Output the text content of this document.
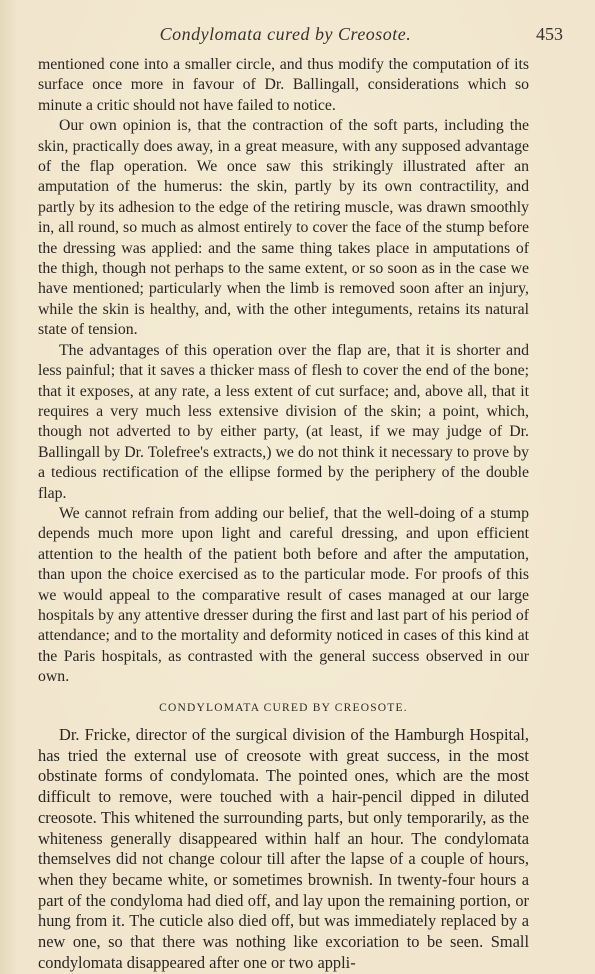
Condylomata cured by Creosote.	453

mentioned cone into a smaller circle, and thus modify the computation of its surface once more in favour of Dr. Ballingall, considerations which so minute a critic should not have failed to notice.

Our own opinion is, that the contraction of the soft parts, including the skin, practically does away, in a great measure, with any supposed advantage of the flap operation. We once saw this strikingly illustrated after an amputation of the humerus: the skin, partly by its own contractility, and partly by its adhesion to the edge of the retiring muscle, was drawn smoothly in, all round, so much as almost entirely to cover the face of the stump before the dressing was applied: and the same thing takes place in amputations of the thigh, though not perhaps to the same extent, or so soon as in the case we have mentioned; particularly when the limb is removed soon after an injury, while the skin is healthy, and, with the other integuments, retains its natural state of tension.

The advantages of this operation over the flap are, that it is shorter and less painful; that it saves a thicker mass of flesh to cover the end of the bone; that it exposes, at any rate, a less extent of cut surface; and, above all, that it requires a very much less extensive division of the skin; a point, which, though not adverted to by either party, (at least, if we may judge of Dr. Ballingall by Dr. Tolefree's extracts,) we do not think it necessary to prove by a tedious rectification of the ellipse formed by the periphery of the double flap.

We cannot refrain from adding our belief, that the well-doing of a stump depends much more upon light and careful dressing, and upon efficient attention to the health of the patient both before and after the amputation, than upon the choice exercised as to the particular mode. For proofs of this we would appeal to the comparative result of cases managed at our large hospitals by any attentive dresser during the first and last part of his period of attendance; and to the mortality and deformity noticed in cases of this kind at the Paris hospitals, as contrasted with the general success observed in our own.

CONDYLOMATA CURED BY CREOSOTE.

Dr. Fricke, director of the surgical division of the Hamburgh Hospital, has tried the external use of creosote with great success, in the most obstinate forms of condylomata. The pointed ones, which are the most difficult to remove, were touched with a hair-pencil dipped in diluted creosote. This whitened the surrounding parts, but only temporarily, as the whiteness generally disappeared within half an hour. The condylomata themselves did not change colour till after the lapse of a couple of hours, when they became white, or sometimes brownish. In twenty-four hours a part of the condyloma had died off, and lay upon the remaining portion, or hung from it. The cuticle also died off, but was immediately replaced by a new one, so that there was nothing like excoriation to be seen. Small condylomata disappeared after one or two appli-
